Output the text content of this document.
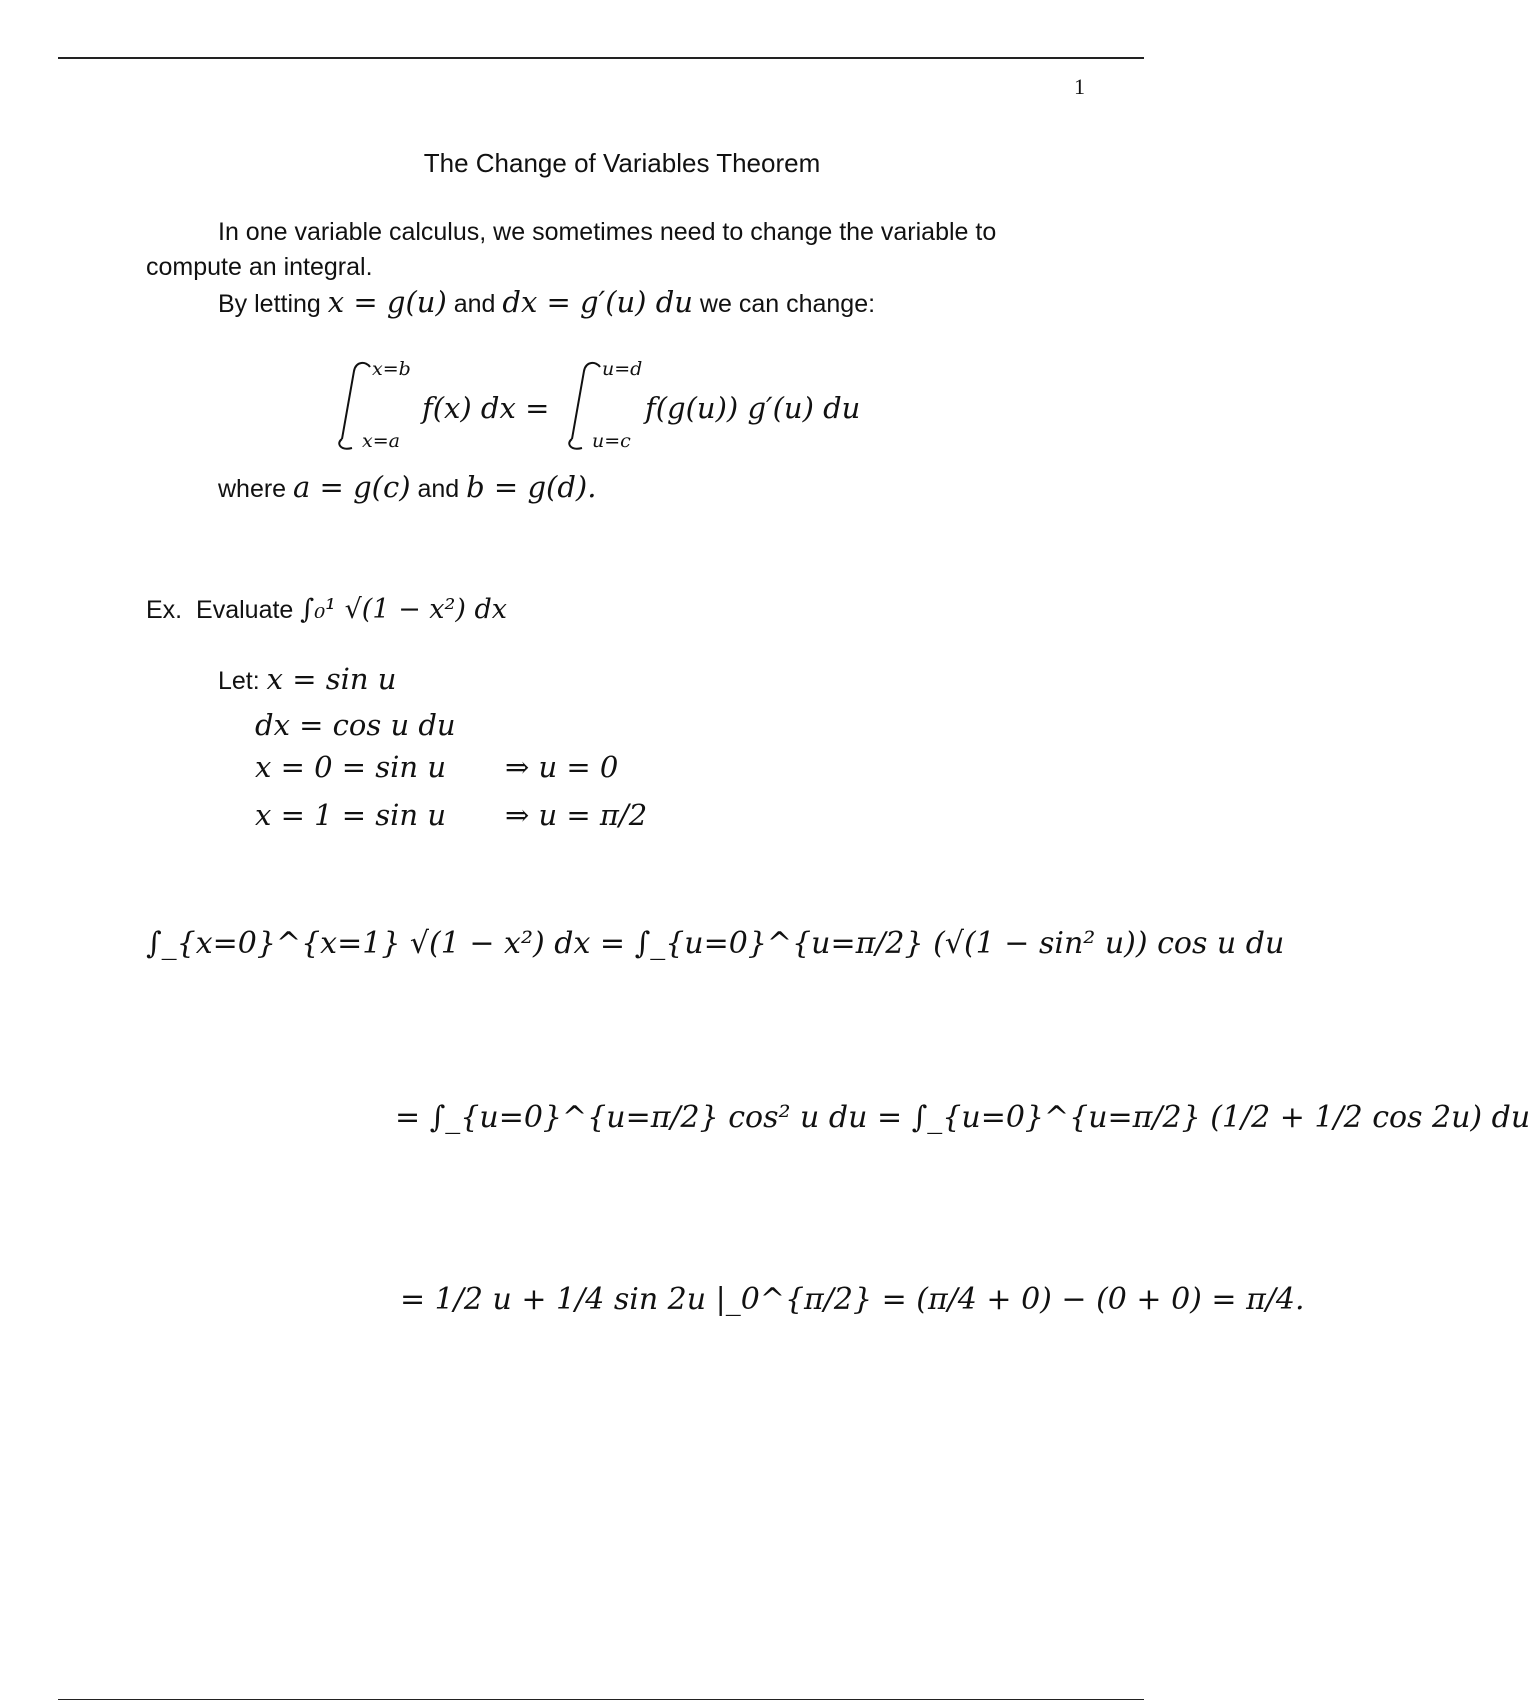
1
The Change of Variables Theorem
In one variable calculus, we sometimes need to change the variable to compute an integral.
By letting x = g(u) and dx = g′(u) du we can change:
x=b
x=a
f(x) dx =
u=d
u=c
f(g(u)) g′(u) du
where a = g(c) and b = g(d).
Ex. Evaluate ∫₀¹ √(1 − x²) dx
Let: x = sin u
dx = cos u du
x = 0 = sin u ⇒ u = 0
x = 1 = sin u ⇒ u = π/2
∫_{x=0}^{x=1} √(1 − x²) dx = ∫_{u=0}^{u=π/2} (√(1 − sin² u)) cos u du
= ∫_{u=0}^{u=π/2} cos² u du = ∫_{u=0}^{u=π/2} (1/2 + 1/2 cos 2u) du
= 1/2 u + 1/4 sin 2u |_0^{π/2} = (π/4 + 0) − (0 + 0) = π/4.
